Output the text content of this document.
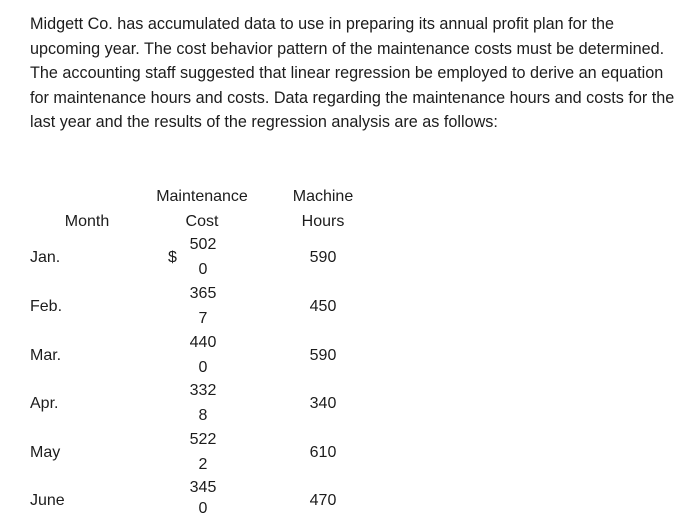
Midgett Co. has accumulated data to use in preparing its annual profit plan for the upcoming year. The cost behavior pattern of the maintenance costs must be determined. The accounting staff suggested that linear regression be employed to derive an equation for maintenance hours and costs. Data regarding the maintenance hours and costs for the last year and the results of the regression analysis are as follows:

Maintenance
Cost
Machine
Hours
Month
Jan.	$
502
0
590
Feb.
365
7
450
Mar.
440
0
590
Apr.
332
8
340
May
522
2
610
June
345
0	470
